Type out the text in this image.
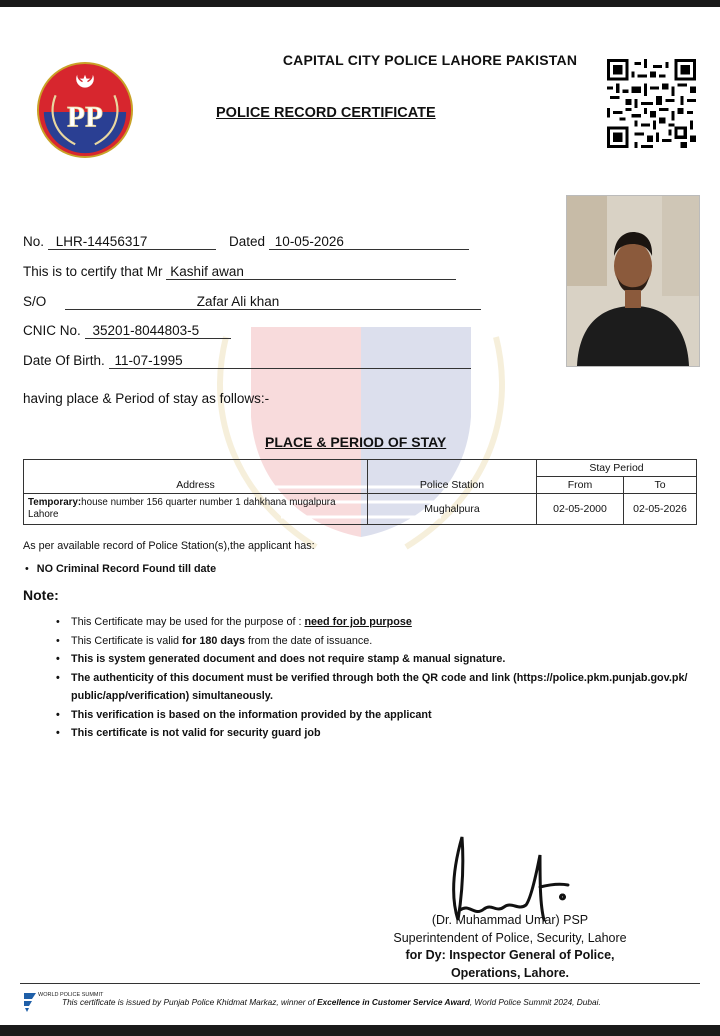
PP
CAPITAL CITY POLICE LAHORE PAKISTAN
POLICE RECORD CERTIFICATE
No. LHR-14456317	Dated 10-05-2026
This is to certify that Mr Kashif awan
S/O	Zafar Ali khan
CNIC No. 35201-8044803-5
Date Of Birth. 11-07-1995
having place & Period of stay as follows:-
PLACE & PERIOD OF STAY
Address	Police Station	Stay Period	
		From	To
Temporary:house number 156 quarter number 1 dahkhana mugalpura Lahore	Mughalpura	02-05-2000	02-05-2026
As per available record of Police Station(s),the applicant has:
• NO Criminal Record Found till date
Note:
• This Certificate may be used for the purpose of : need for job purpose
• This Certificate is valid for 180 days from the date of issuance.
• This is system generated document and does not require stamp & manual signature.
• The authenticity of this document must be verified through both the QR code and link (https://police.pkm.punjab.gov.pk/ public/app/verification) simultaneously.
• This verification is based on the information provided by the applicant
• This certificate is not valid for security guard job
(Dr. Muhammad Umar) PSP
Superintendent of Police, Security, Lahore
for Dy: Inspector General of Police,
Operations, Lahore.
WORLD POLICE SUMMIT
This certificate is issued by Punjab Police Khidmat Markaz, winner of Excellence in Customer Service Award, World Police Summit 2024, Dubai.
